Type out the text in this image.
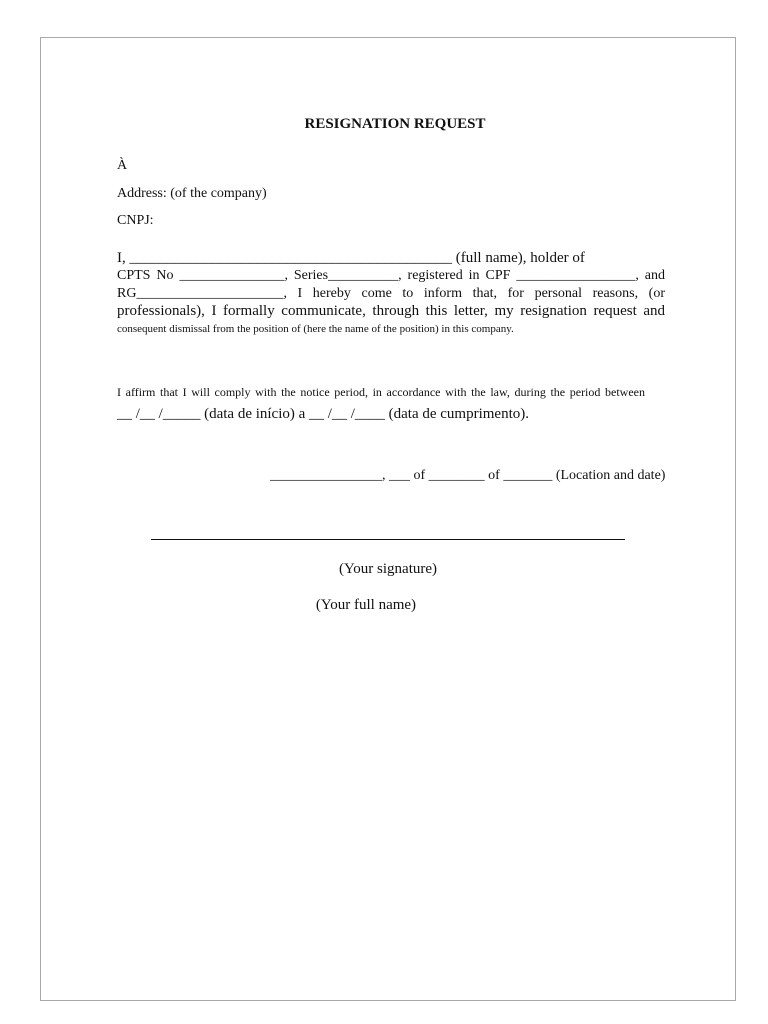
RESIGNATION REQUEST
À
Address: (of the company)
CNPJ:
I, ___________________________________________ (full name), holder of
CPTS No _______________, Series__________, registered in CPF _________________, and
RG_____________________, I hereby come to inform that, for personal reasons, (or
professionals), I formally communicate, through this letter, my resignation request and
consequent dismissal from the position of (here the name of the position) in this company.
I affirm that I will comply with the notice period, in accordance with the law, during the period between
__ /__ /_____ (data de início) a __ /__ /____ (data de cumprimento).
________________, ___ of ________ of _______ (Location and date)
(Your signature)
(Your full name)
